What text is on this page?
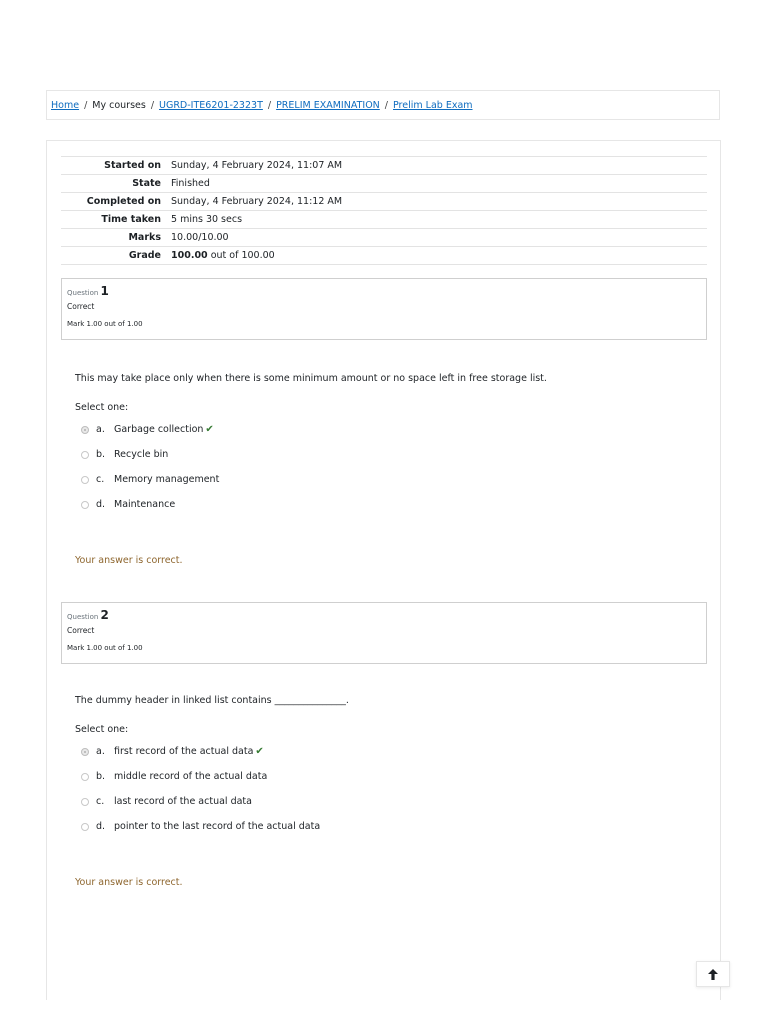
Home / My courses / UGRD-ITE6201-2323T / PRELIM EXAMINATION / Prelim Lab Exam
Started on	Sunday, 4 February 2024, 11:07 AM
State	Finished
Completed on	Sunday, 4 February 2024, 11:12 AM
Time taken	5 mins 30 secs
Marks	10.00/10.00
Grade	100.00 out of 100.00
Question 1
Correct
Mark 1.00 out of 1.00

This may take place only when there is some minimum amount or no space left in free storage list.

Select one:
a. Garbage collection ✔
b. Recycle bin
c.	Memory management
d. Maintenance
Your answer is correct.
Question 2
Correct
Mark 1.00 out of 1.00

The dummy header in linked list contains _______________.

Select one:
a. first record of the actual data ✔
b. middle record of the actual data
c.	last record of the actual data
d. pointer to the last record of the actual data
Your answer is correct.
